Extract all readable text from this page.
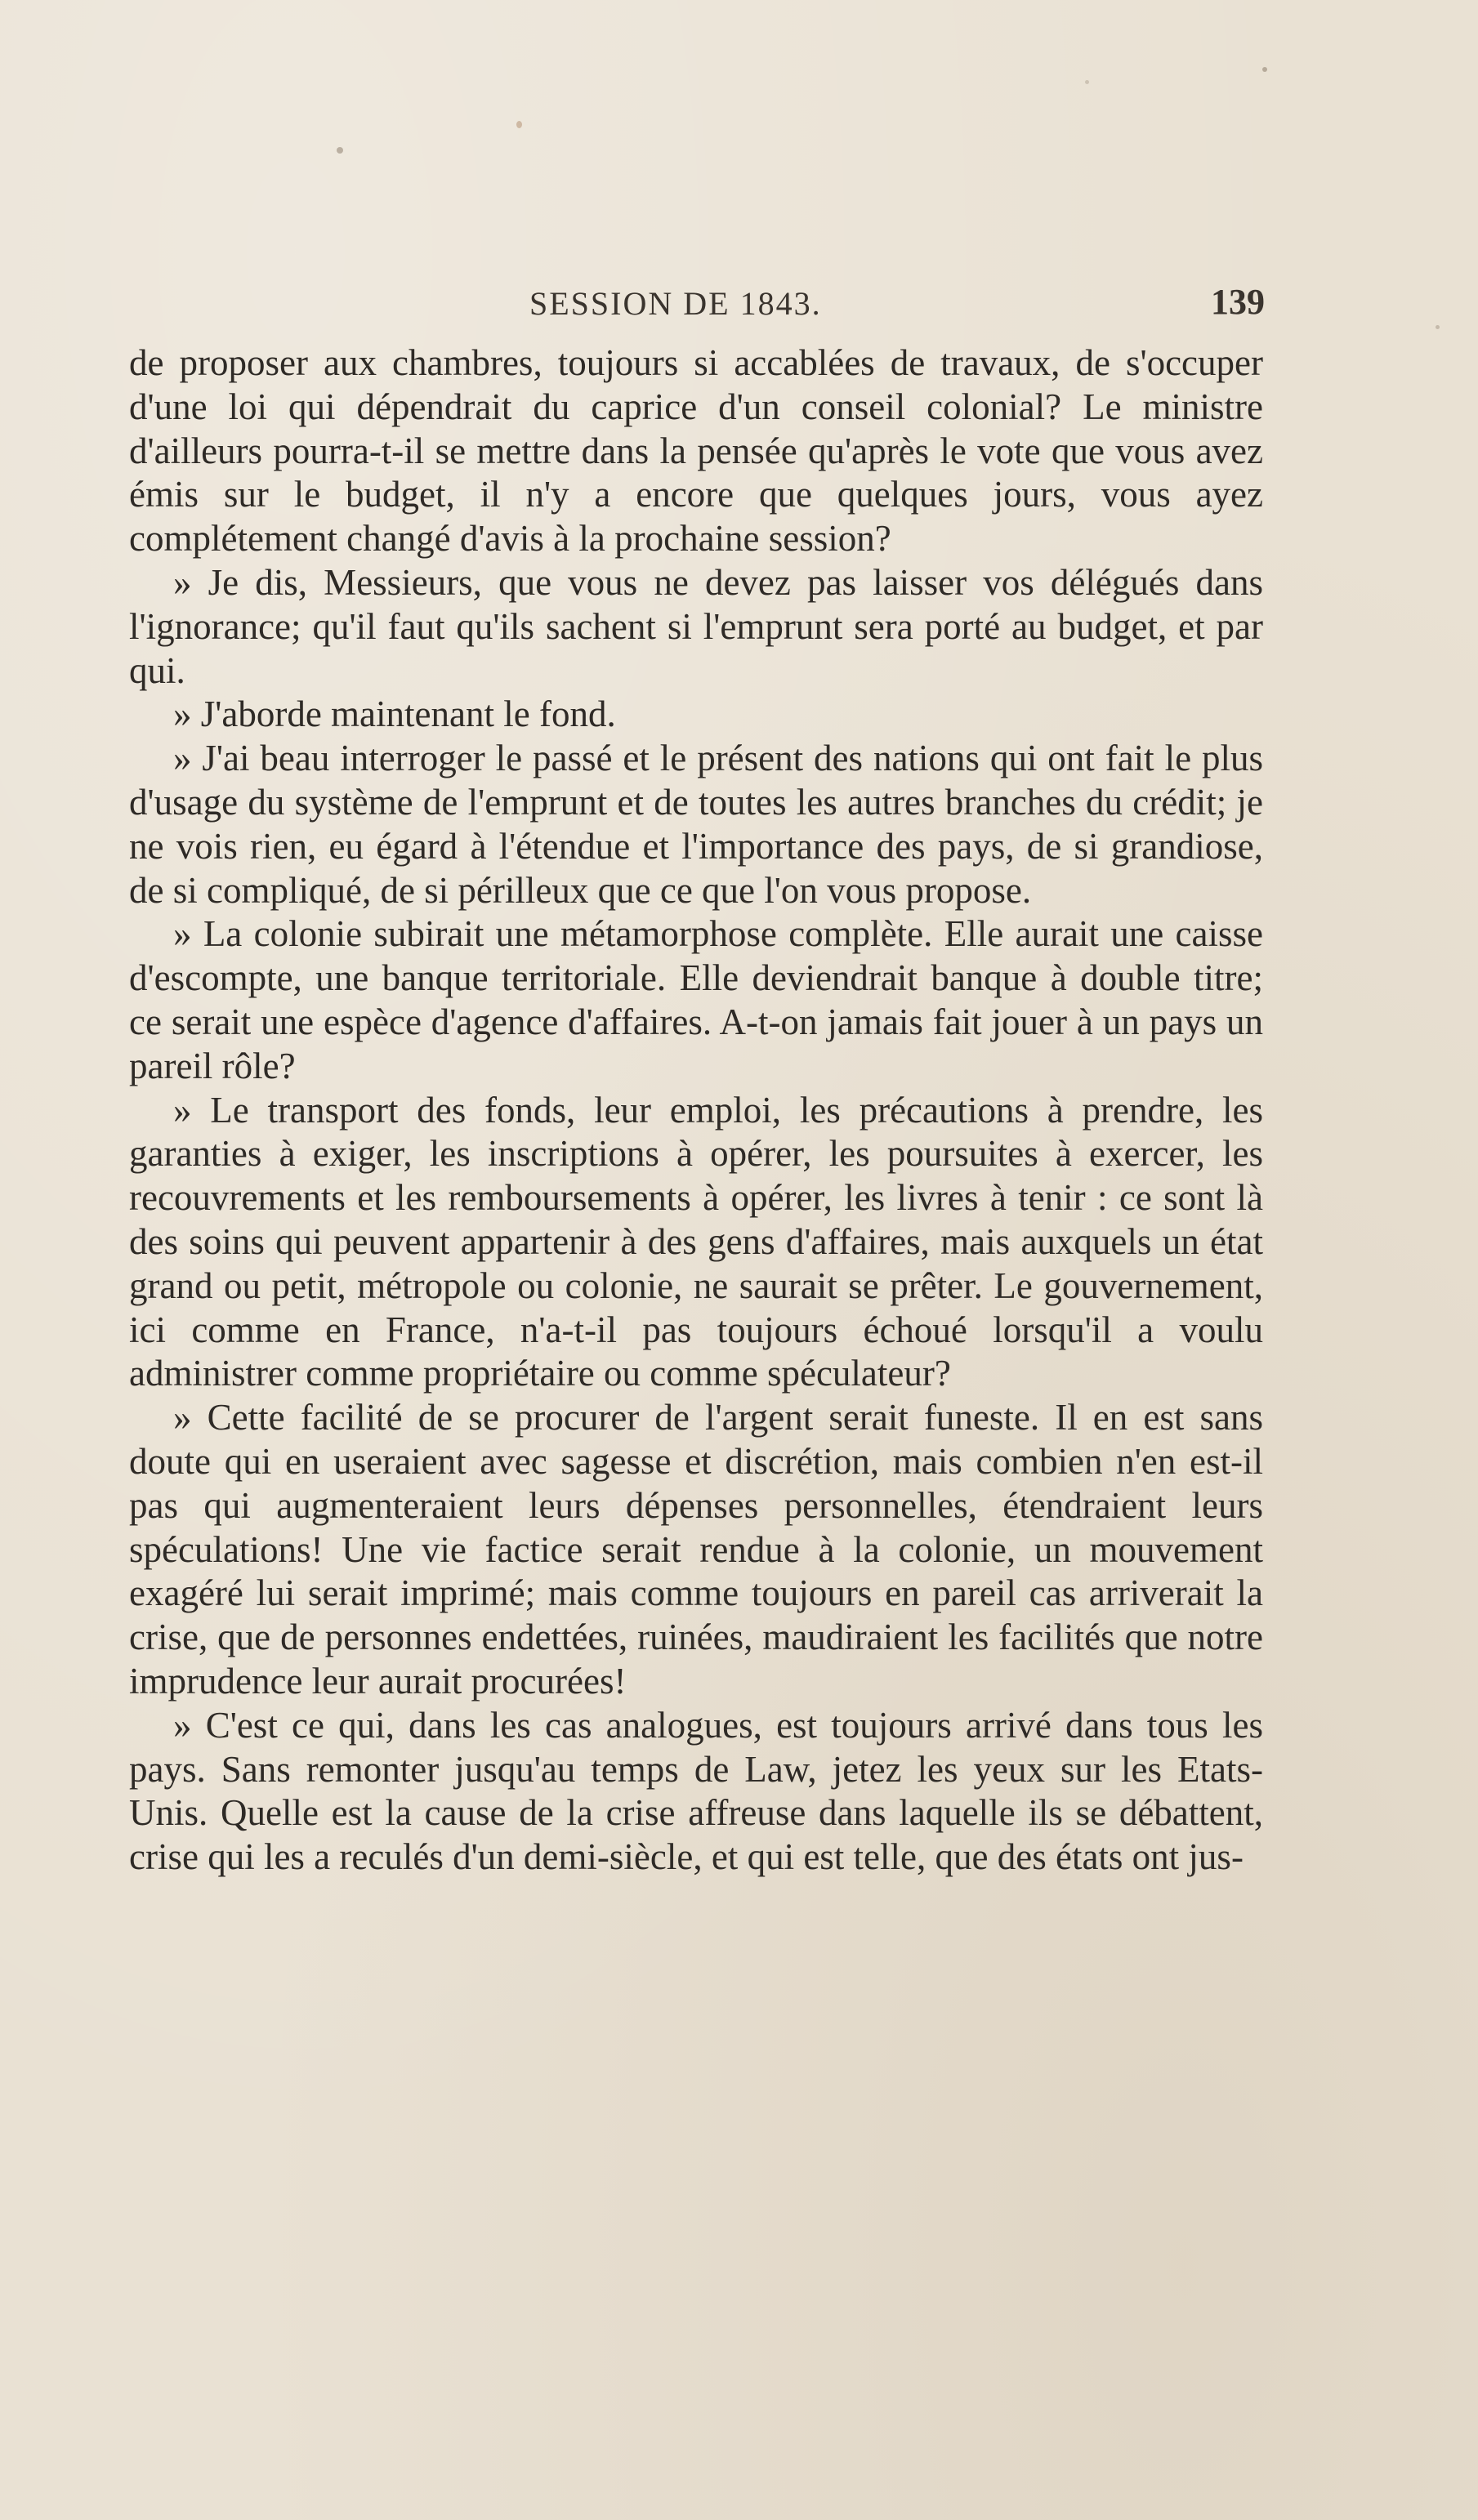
SESSION DE 1843.	139

de proposer aux chambres, toujours si accablées de travaux, de s'occuper d'une loi qui dépendrait du caprice d'un conseil colonial? Le ministre d'ailleurs pourra-t-il se mettre dans la pensée qu'après le vote que vous avez émis sur le budget, il n'y a encore que quelques jours, vous ayez complétement changé d'avis à la prochaine session?

» Je dis, Messieurs, que vous ne devez pas laisser vos délégués dans l'ignorance; qu'il faut qu'ils sachent si l'emprunt sera porté au budget, et par qui.

» J'aborde maintenant le fond.

» J'ai beau interroger le passé et le présent des nations qui ont fait le plus d'usage du système de l'emprunt et de toutes les autres branches du crédit; je ne vois rien, eu égard à l'étendue et l'importance des pays, de si grandiose, de si compliqué, de si périlleux que ce que l'on vous propose.

» La colonie subirait une métamorphose complète. Elle aurait une caisse d'escompte, une banque territoriale. Elle deviendrait banque à double titre; ce serait une espèce d'agence d'affaires. A-t-on jamais fait jouer à un pays un pareil rôle?

» Le transport des fonds, leur emploi, les précautions à prendre, les garanties à exiger, les inscriptions à opérer, les poursuites à exercer, les recouvrements et les remboursements à opérer, les livres à tenir : ce sont là des soins qui peuvent appartenir à des gens d'affaires, mais auxquels un état grand ou petit, métropole ou colonie, ne saurait se prêter. Le gouvernement, ici comme en France, n'a-t-il pas toujours échoué lorsqu'il a voulu administrer comme propriétaire ou comme spéculateur?

» Cette facilité de se procurer de l'argent serait funeste. Il en est sans doute qui en useraient avec sagesse et discrétion, mais combien n'en est-il pas qui augmenteraient leurs dépenses personnelles, étendraient leurs spéculations! Une vie factice serait rendue à la colonie, un mouvement exagéré lui serait imprimé; mais comme toujours en pareil cas arriverait la crise, que de personnes endettées, ruinées, maudiraient les facilités que notre imprudence leur aurait procurées!

» C'est ce qui, dans les cas analogues, est toujours arrivé dans tous les pays. Sans remonter jusqu'au temps de Law, jetez les yeux sur les Etats-Unis. Quelle est la cause de la crise affreuse dans laquelle ils se débattent, crise qui les a reculés d'un demi-siècle, et qui est telle, que des états ont jus-
